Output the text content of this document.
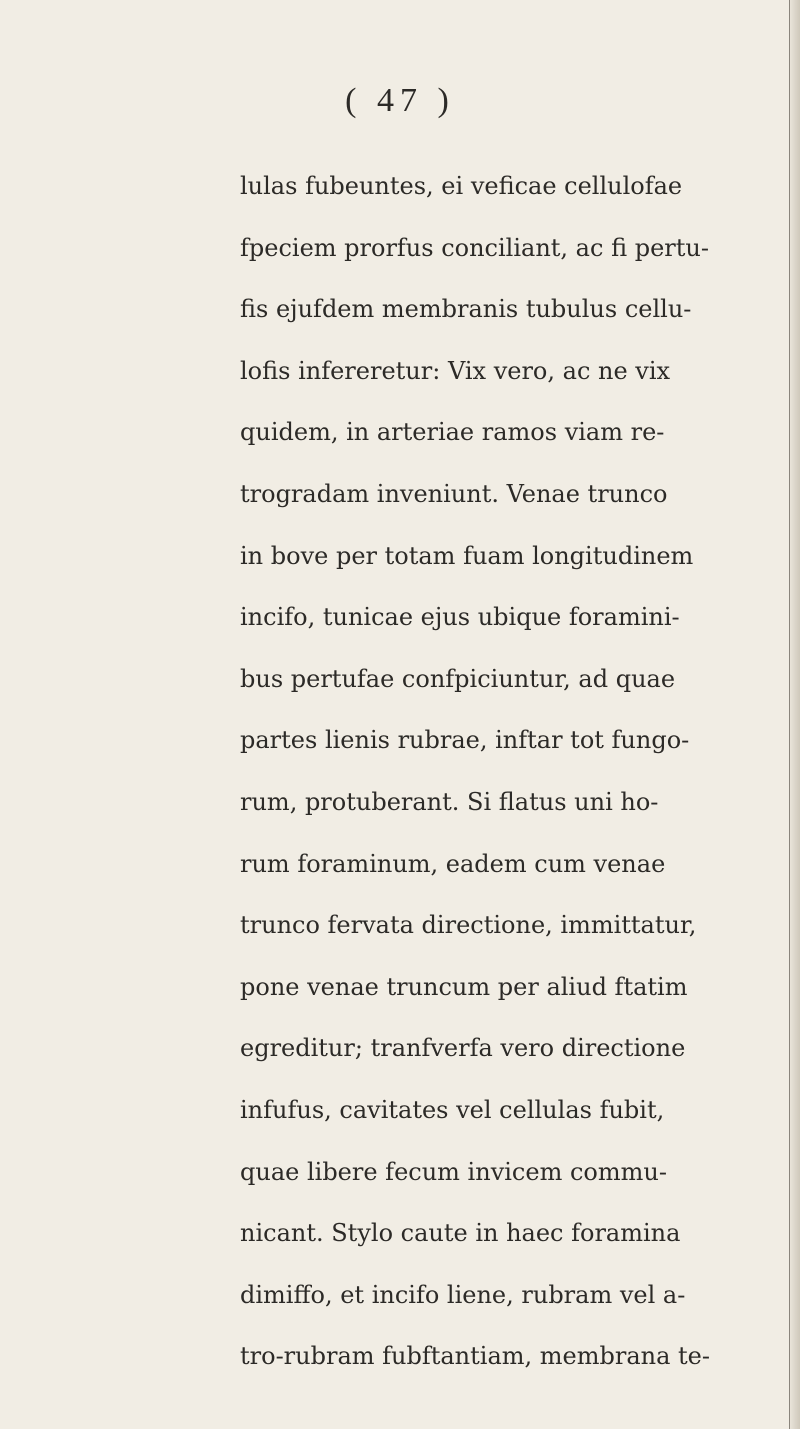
( 47 )
lulas fubeuntes, ei veficae cellulofae
fpeciem prorfus conciliant, ac fi pertu-
fis ejufdem membranis tubulus cellu-
lofis infereretur: Vix vero, ac ne vix
quidem, in arteriae ramos viam re-
trogradam inveniunt. Venae trunco
in bove per totam fuam longitudinem
incifo, tunicae ejus ubique foramini-
bus pertufae confpiciuntur, ad quae
partes lienis rubrae, inftar tot fungo-
rum, protuberant. Si flatus uni ho-
rum foraminum, eadem cum venae
trunco fervata directione, immittatur,
pone venae truncum per aliud ftatim
egreditur; tranfverfa vero directione
infufus, cavitates vel cellulas fubit,
quae libere fecum invicem commu-
nicant. Stylo caute in haec foramina
dimiffo, et incifo liene, rubram vel a-
tro-rubram fubftantiam, membrana te-
